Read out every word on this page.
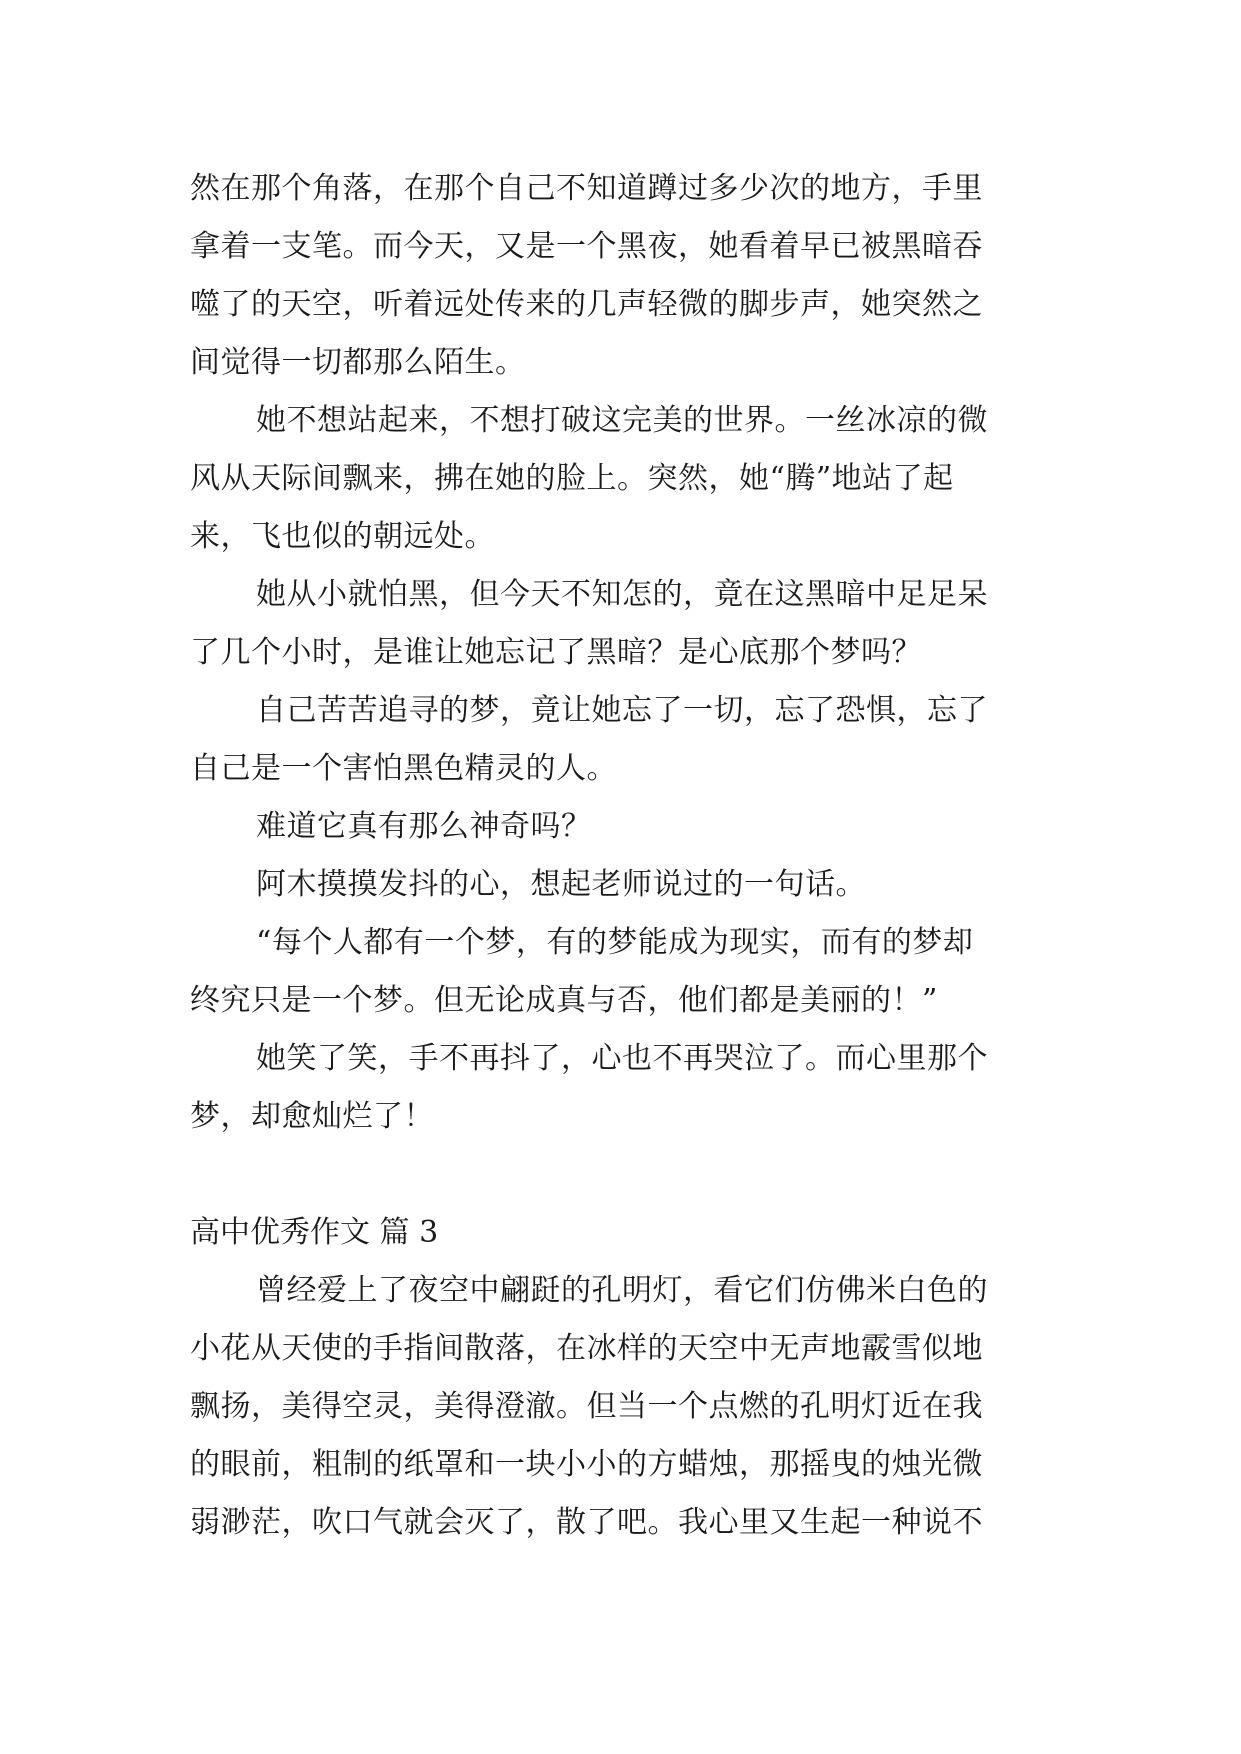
然在那个角落，在那个自己不知道蹲过多少次的地方，手里
拿着一支笔。而今天，又是一个黑夜，她看着早已被黑暗吞
噬了的天空，听着远处传来的几声轻微的脚步声，她突然之
间觉得一切都那么陌生。
她不想站起来，不想打破这完美的世界。一丝冰凉的微
风从天际间飘来，拂在她的脸上。突然，她“腾”地站了起
来，飞也似的朝远处。
她从小就怕黑，但今天不知怎的，竟在这黑暗中足足呆
了几个小时，是谁让她忘记了黑暗？是心底那个梦吗？
自己苦苦追寻的梦，竟让她忘了一切，忘了恐惧，忘了
自己是一个害怕黑色精灵的人。
难道它真有那么神奇吗？
阿木摸摸发抖的心，想起老师说过的一句话。
“每个人都有一个梦，有的梦能成为现实，而有的梦却
终究只是一个梦。但无论成真与否，他们都是美丽的！”
她笑了笑，手不再抖了，心也不再哭泣了。而心里那个
梦，却愈灿烂了！
高中优秀作文 篇 3
曾经爱上了夜空中翩跹的孔明灯，看它们仿佛米白色的
小花从天使的手指间散落，在冰样的天空中无声地霰雪似地
飘扬，美得空灵，美得澄澈。但当一个点燃的孔明灯近在我
的眼前，粗制的纸罩和一块小小的方蜡烛，那摇曳的烛光微
弱渺茫，吹口气就会灭了，散了吧。我心里又生起一种说不
